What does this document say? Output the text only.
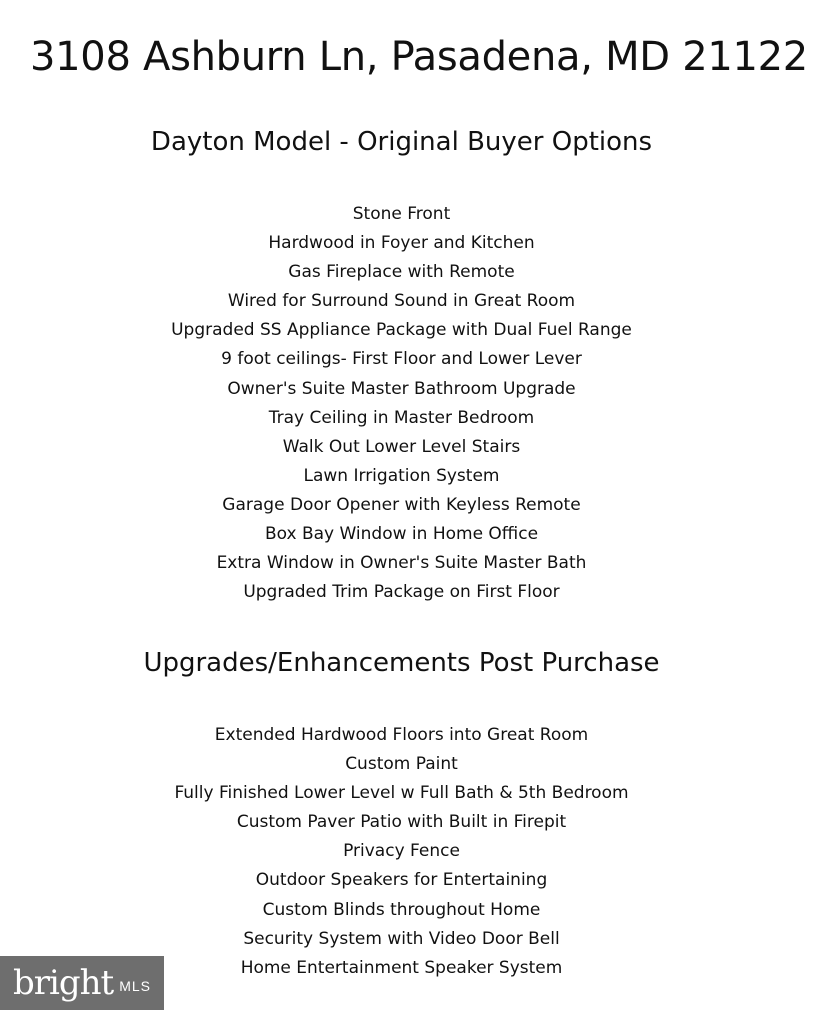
3108 Ashburn Ln, Pasadena, MD 21122
Dayton Model - Original Buyer Options
Stone Front
Hardwood in Foyer and Kitchen
Gas Fireplace with Remote
Wired for Surround Sound in Great Room
Upgraded SS Appliance Package with Dual Fuel Range
9 foot ceilings- First Floor and Lower Lever
Owner's Suite Master Bathroom Upgrade
Tray Ceiling in Master Bedroom
Walk Out Lower Level Stairs
Lawn Irrigation System
Garage Door Opener with Keyless Remote
Box Bay Window in Home Office
Extra Window in Owner's Suite Master Bath
Upgraded Trim Package on First Floor
Upgrades/Enhancements Post Purchase
Extended Hardwood Floors into Great Room
Custom Paint
Fully Finished Lower Level w Full Bath & 5th Bedroom
Custom Paver Patio with Built in Firepit
Privacy Fence
Outdoor Speakers for Entertaining
Custom Blinds throughout Home
Security System with Video Door Bell
Home Entertainment Speaker System
bright MLS
